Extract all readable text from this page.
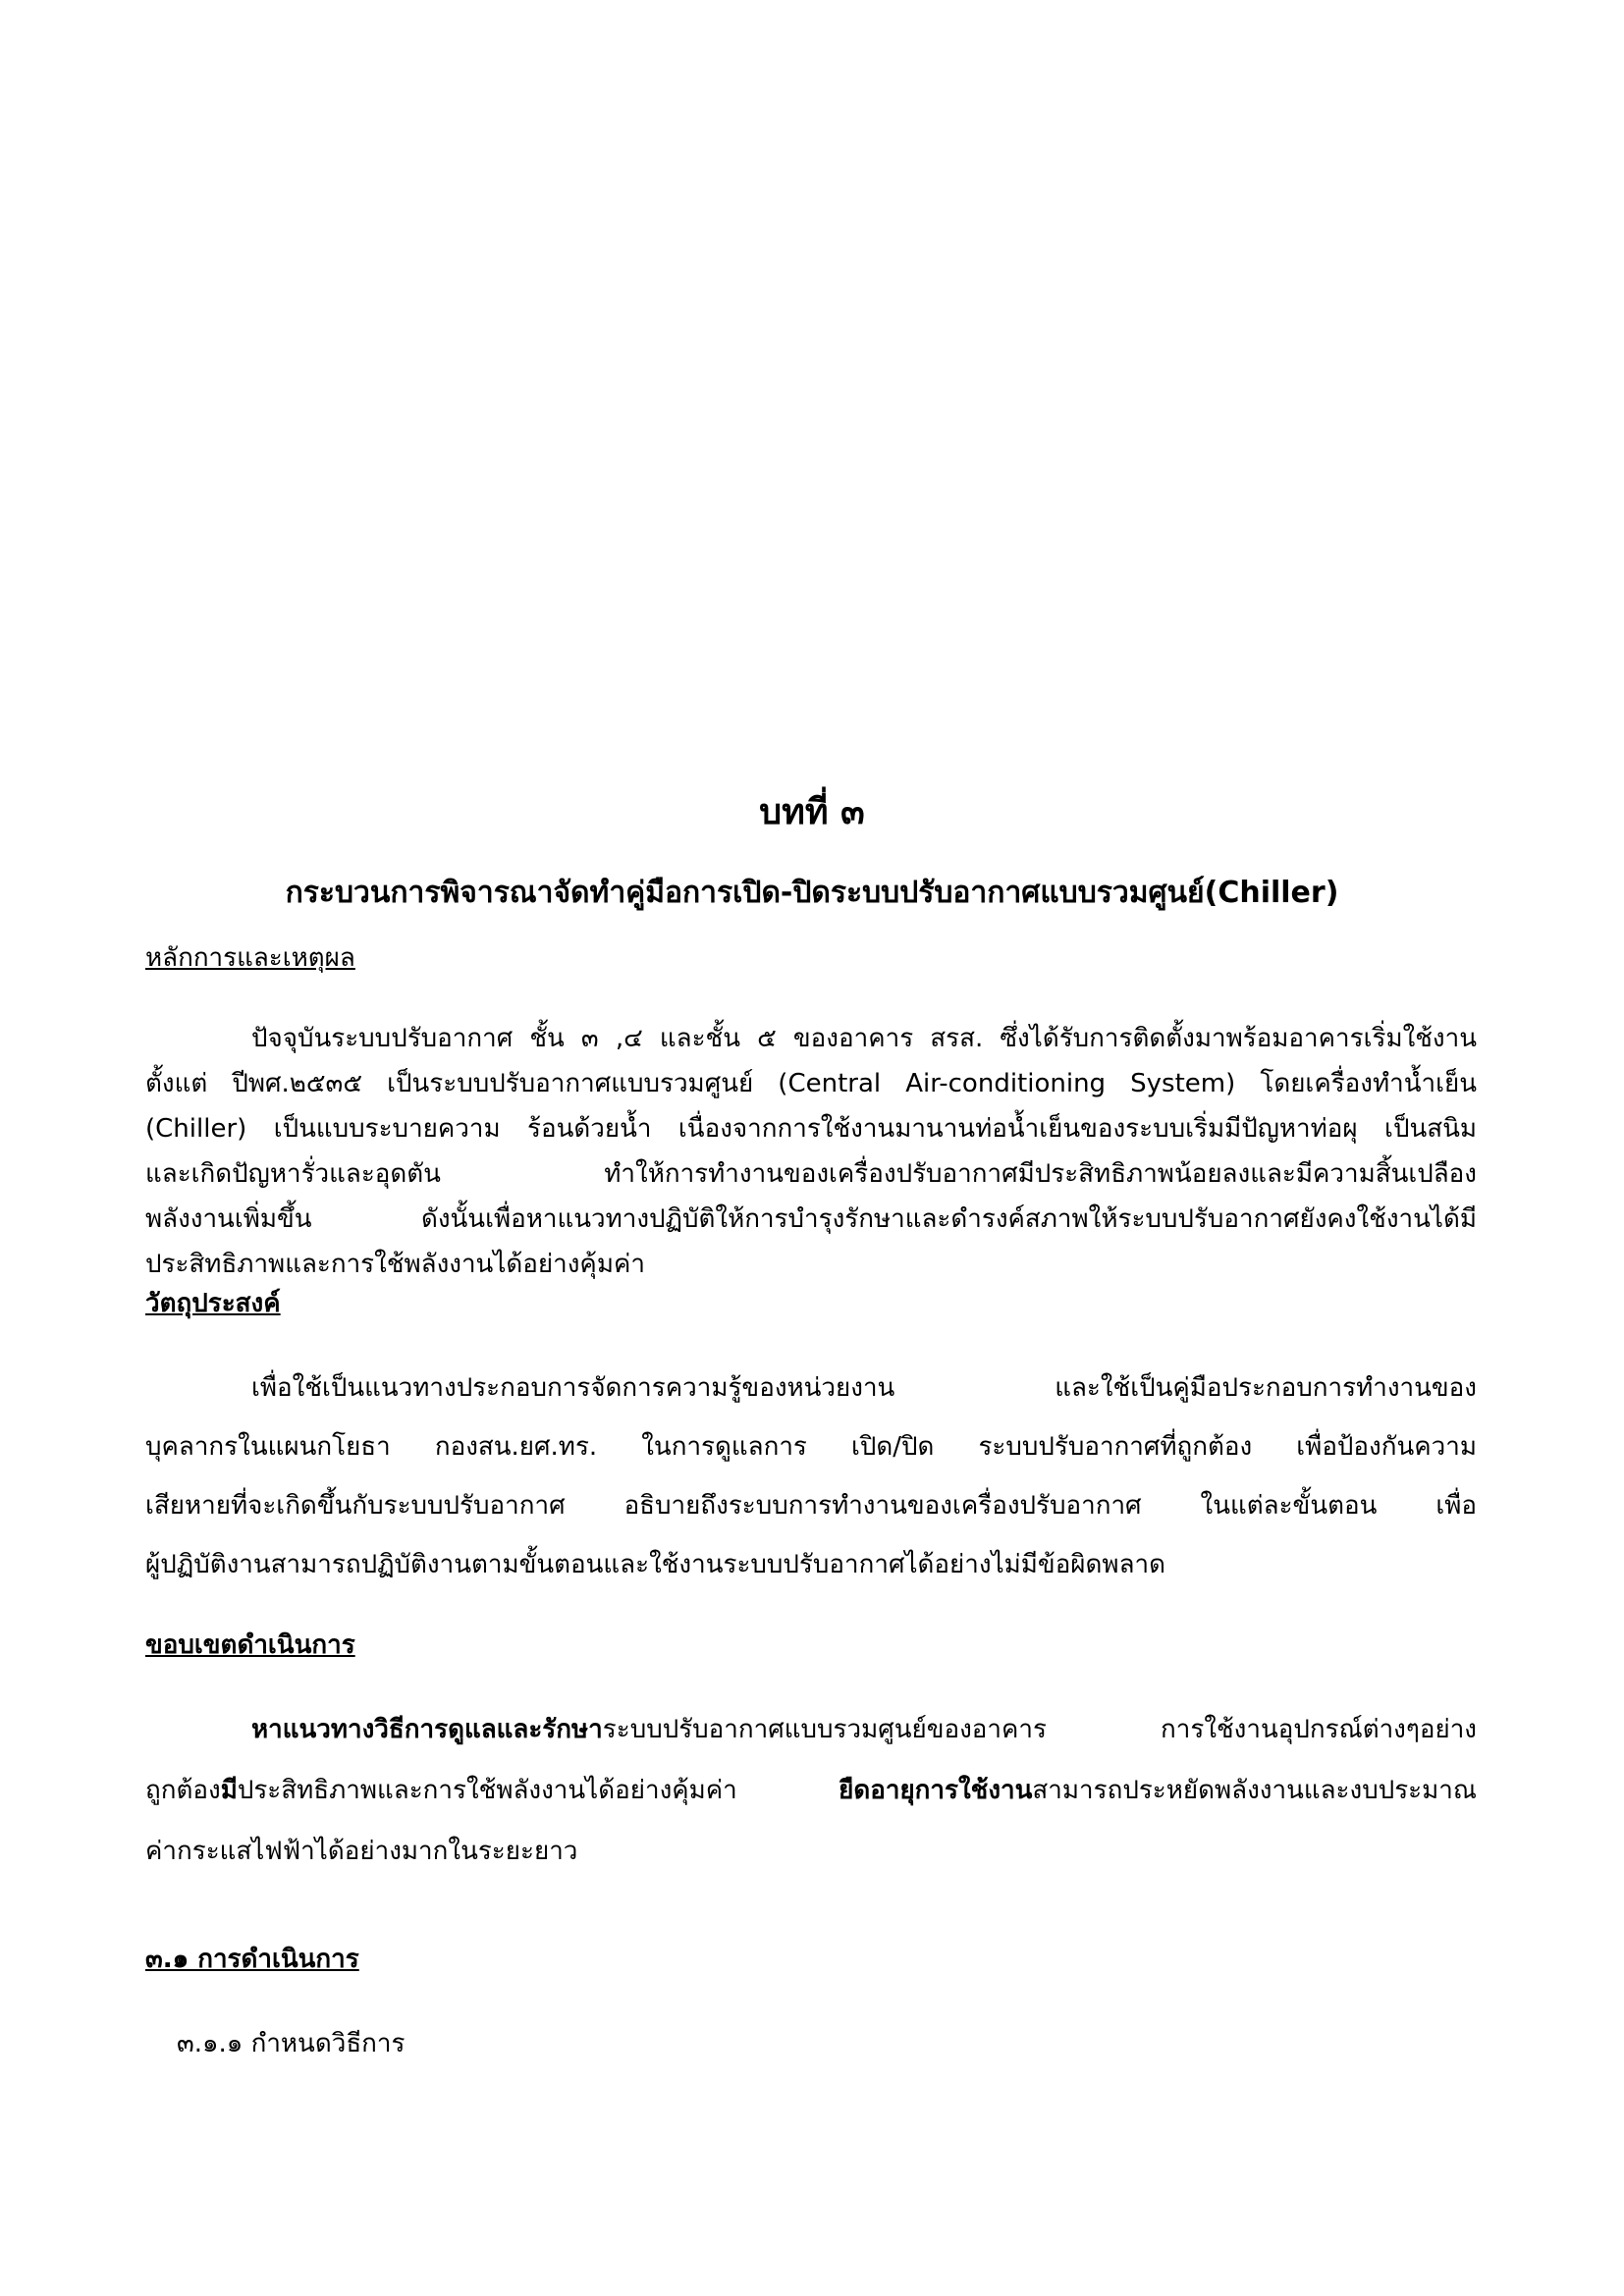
บทที่ ๓

กระบวนการพิจารณาจัดทำคู่มือการเปิด-ปิดระบบปรับอากาศแบบรวมศูนย์(Chiller)

หลักการและเหตุผล

ปัจจุบันระบบปรับอากาศ ชั้น ๓ ,๔ และชั้น ๕ ของอาคาร สรส. ซึ่งได้รับการติดตั้งมาพร้อมอาคารเริ่มใช้งาน

ตั้งแต่ ปีพศ.๒๕๓๕ เป็นระบบปรับอากาศแบบรวมศูนย์ (Central Air-conditioning System) โดยเครื่องทำน้ำเย็น

(Chiller) เป็นแบบระบายความ ร้อนด้วยน้ำ เนื่องจากการใช้งานมานานท่อน้ำเย็นของระบบเริ่มมีปัญหาท่อผุ เป็นสนิม

และเกิดปัญหารั่วและอุดตัน ทำให้การทำงานของเครื่องปรับอากาศมีประสิทธิภาพน้อยลงและมีความสิ้นเปลือง

พลังงานเพิ่มขึ้น ดังนั้นเพื่อหาแนวทางปฏิบัติให้การบำรุงรักษาและดำรงค์สภาพให้ระบบปรับอากาศยังคงใช้งานได้มี

ประสิทธิภาพและการใช้พลังงานได้อย่างคุ้มค่า

วัตถุประสงค์

เพื่อใช้เป็นแนวทางประกอบการจัดการความรู้ของหน่วยงาน และใช้เป็นคู่มือประกอบการทำงานของ

บุคลากรในแผนกโยธา กองสน.ยศ.ทร. ในการดูแลการ เปิด/ปิด ระบบปรับอากาศที่ถูกต้อง เพื่อป้องกันความ

เสียหายที่จะเกิดขึ้นกับระบบปรับอากาศ อธิบายถึงระบบการทำงานของเครื่องปรับอากาศ ในแต่ละขั้นตอน เพื่อ

ผู้ปฏิบัติงานสามารถปฏิบัติงานตามขั้นตอนและใช้งานระบบปรับอากาศได้อย่างไม่มีข้อผิดพลาด

ขอบเขตดำเนินการ

หาแนวทางวิธีการดูแลและรักษาระบบปรับอากาศแบบรวมศูนย์ของอาคาร การใช้งานอุปกรณ์ต่างๆอย่าง

ถูกต้องมีประสิทธิภาพและการใช้พลังงานได้อย่างคุ้มค่า ยืดอายุการใช้งานสามารถประหยัดพลังงานและงบประมาณ

ค่ากระแสไฟฟ้าได้อย่างมากในระยะยาว

๓.๑ การดำเนินการ

๓.๑.๑ กำหนดวิธีการ
